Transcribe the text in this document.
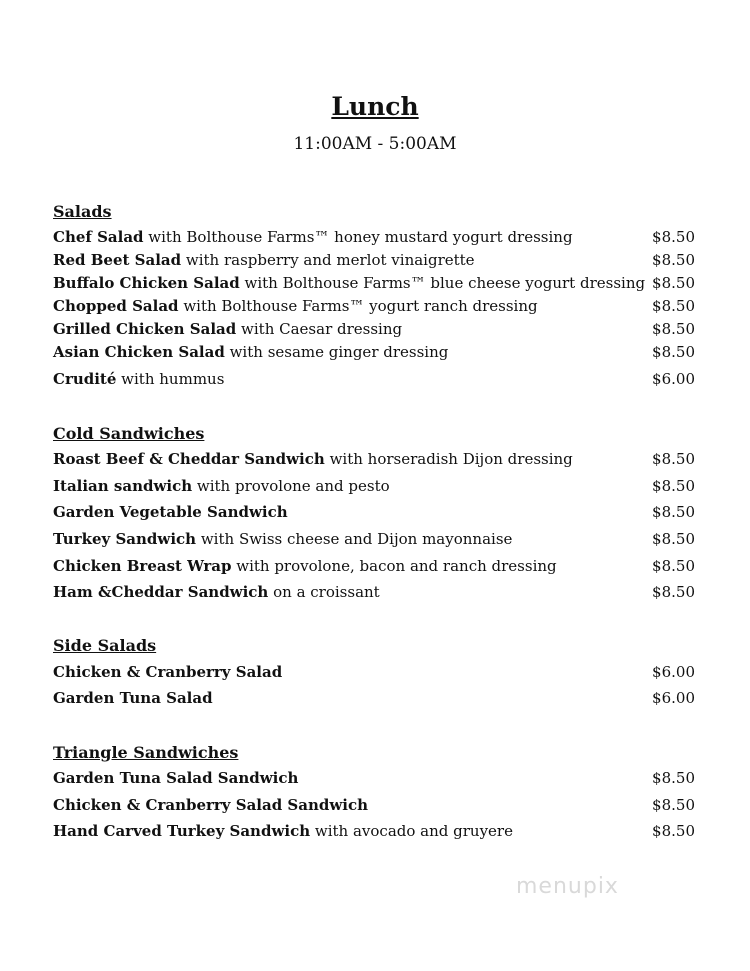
Lunch
11:00AM - 5:00AM
Salads
Chef Salad with Bolthouse Farms™ honey mustard yogurt dressing	$8.50
Red Beet Salad with raspberry and merlot vinaigrette	$8.50
Buffalo Chicken Salad with Bolthouse Farms™ blue cheese yogurt dressing $8.50
Chopped Salad with Bolthouse Farms™ yogurt ranch dressing	$8.50
Grilled Chicken Salad with Caesar dressing	$8.50
Asian Chicken Salad with sesame ginger dressing	$8.50
Crudité with hummus	$6.00
Cold Sandwiches
Roast Beef & Cheddar Sandwich with horseradish Dijon dressing	$8.50
Italian sandwich with provolone and pesto	$8.50
Garden Vegetable Sandwich	$8.50
Turkey Sandwich with Swiss cheese and Dijon mayonnaise	$8.50
Chicken Breast Wrap with provolone, bacon and ranch dressing	$8.50
Ham &Cheddar Sandwich on a croissant	$8.50
Side Salads
Chicken & Cranberry Salad	$6.00
Garden Tuna Salad	$6.00
Triangle Sandwiches
Garden Tuna Salad Sandwich	$8.50
Chicken & Cranberry Salad Sandwich	$8.50
Hand Carved Turkey Sandwich with avocado and gruyere	$8.50
menupix
